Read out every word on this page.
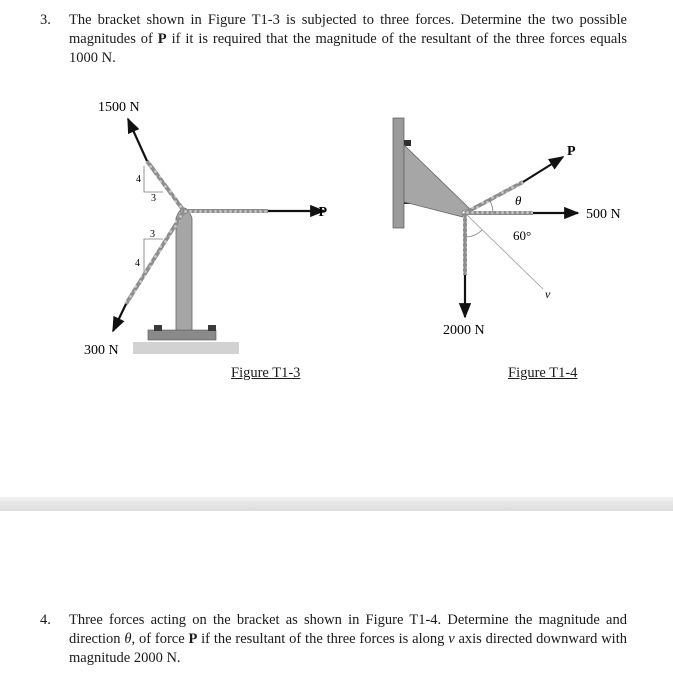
3. The bracket shown in Figure T1-3 is subjected to three forces. Determine the two possible magnitudes of P if it is required that the magnitude of the resultant of the three forces equals 1000 N.
1500 N
300 N
P
4
3
3
4
Figure T1-3
P
500 N
2000 N
θ
60°
v
Figure T1-4
4. Three forces acting on the bracket as shown in Figure T1-4. Determine the magnitude and direction θ, of force P if the resultant of the three forces is along v axis directed downward with magnitude 2000 N.
